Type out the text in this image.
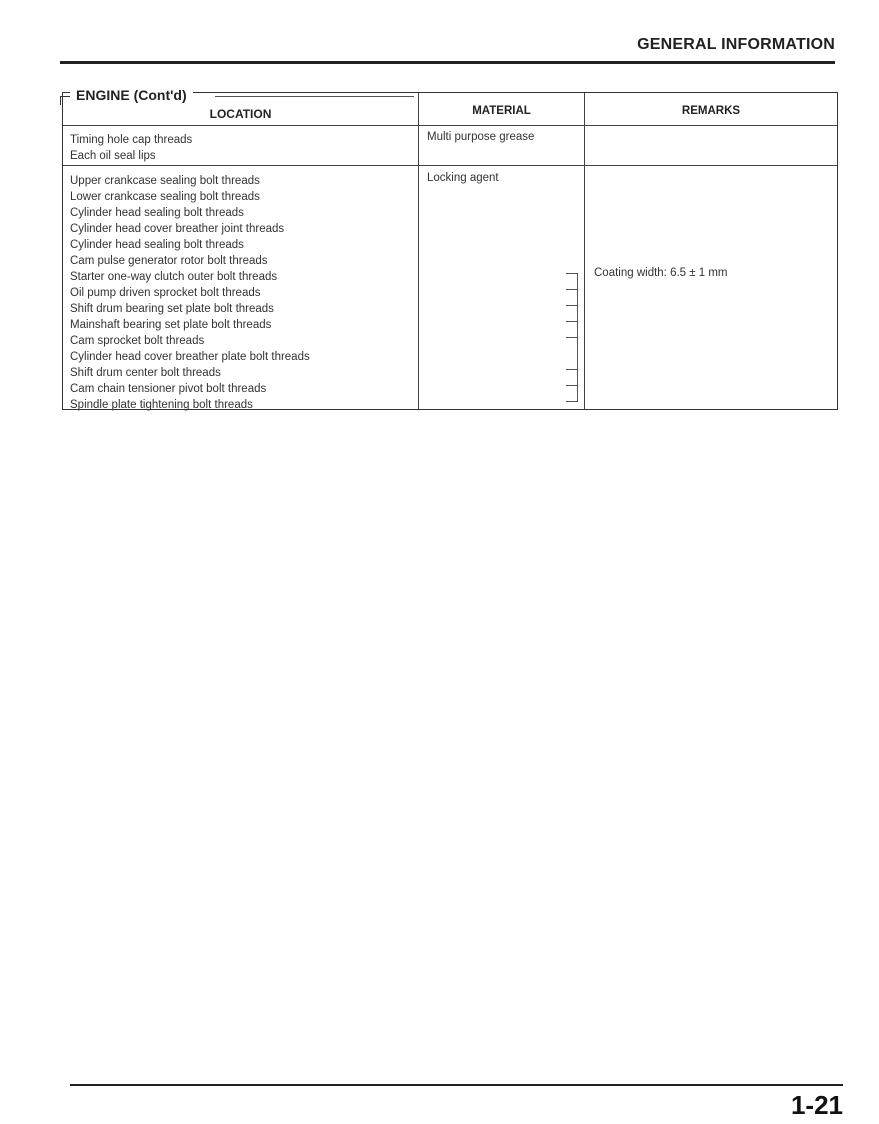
GENERAL INFORMATION
LOCATION	MATERIAL	REMARKS
Timing hole cap threads
Each oil seal lips
Multi purpose grease
Upper crankcase sealing bolt threads
Lower crankcase sealing bolt threads
Cylinder head sealing bolt threads
Cylinder head cover breather joint threads
Cylinder head sealing bolt threads
Cam pulse generator rotor bolt threads
Starter one-way clutch outer bolt threads
Oil pump driven sprocket bolt threads
Shift drum bearing set plate bolt threads
Mainshaft bearing set plate bolt threads
Cam sprocket bolt threads
Cylinder head cover breather plate bolt threads
Shift drum center bolt threads
Cam chain tensioner pivot bolt threads
Spindle plate tightening bolt threads
Locking agent
Coating width: 6.5 ± 1 mm
ENGINE (Cont'd)
1-21
